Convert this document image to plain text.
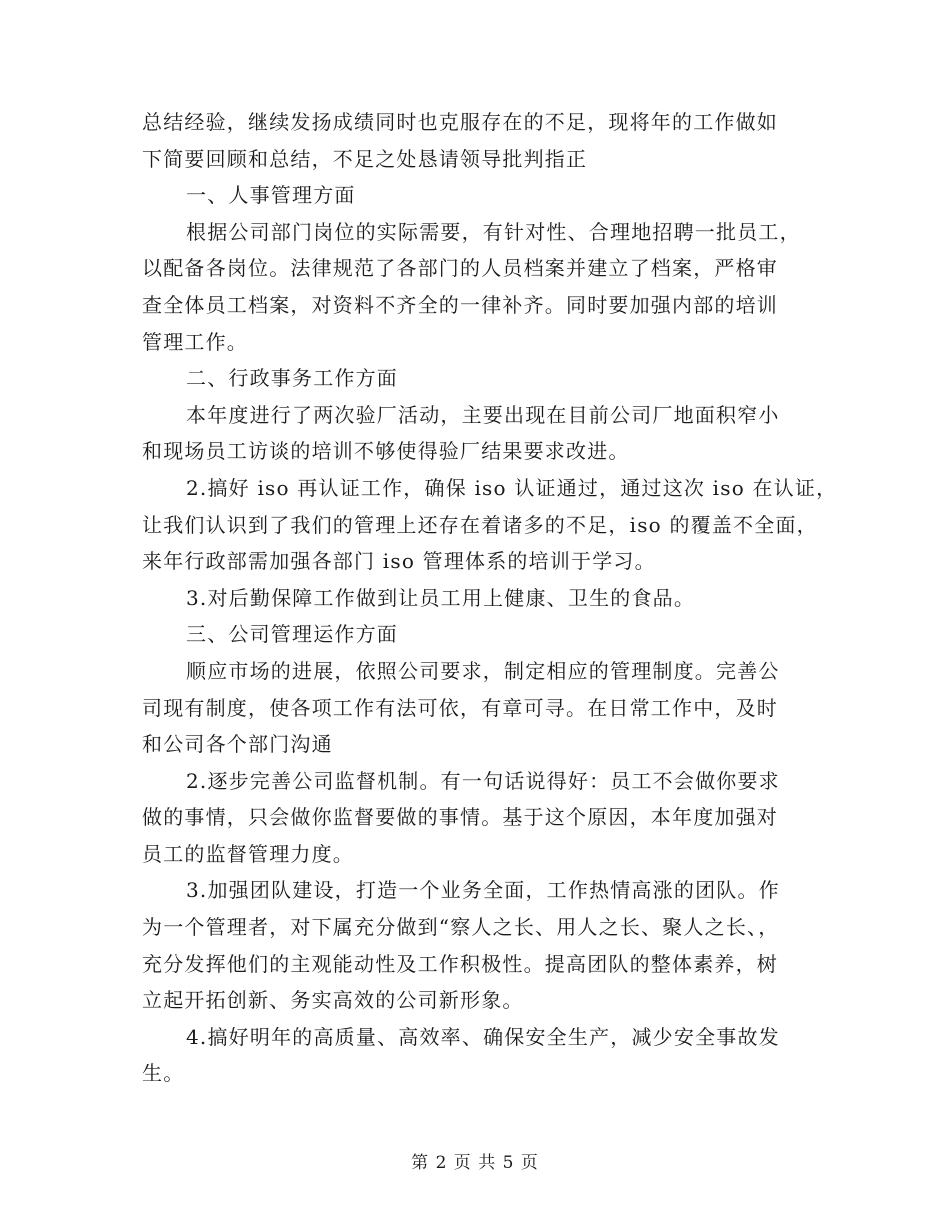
总结经验，继续发扬成绩同时也克服存在的不足，现将年的工作做如
下简要回顾和总结，不足之处恳请领导批判指正
一、人事管理方面
根据公司部门岗位的实际需要，有针对性、合理地招聘一批员工，
以配备各岗位。法律规范了各部门的人员档案并建立了档案，严格审
查全体员工档案，对资料不齐全的一律补齐。同时要加强内部的培训
管理工作。
二、行政事务工作方面
本年度进行了两次验厂活动，主要出现在目前公司厂地面积窄小
和现场员工访谈的培训不够使得验厂结果要求改进。
2.搞好 iso 再认证工作，确保 iso 认证通过，通过这次 iso 在认证，
让我们认识到了我们的管理上还存在着诸多的不足，iso 的覆盖不全面，
来年行政部需加强各部门 iso 管理体系的培训于学习。
3.对后勤保障工作做到让员工用上健康、卫生的食品。
三、公司管理运作方面
顺应市场的进展，依照公司要求，制定相应的管理制度。完善公
司现有制度，使各项工作有法可依，有章可寻。在日常工作中，及时
和公司各个部门沟通
2.逐步完善公司监督机制。有一句话说得好：员工不会做你要求
做的事情，只会做你监督要做的事情。基于这个原因，本年度加强对
员工的监督管理力度。
3.加强团队建设，打造一个业务全面，工作热情高涨的团队。作
为一个管理者，对下属充分做到“察人之长、用人之长、聚人之长、，
充分发挥他们的主观能动性及工作积极性。提高团队的整体素养，树
立起开拓创新、务实高效的公司新形象。
4.搞好明年的高质量、高效率、确保安全生产，减少安全事故发
生。
第 2 页 共 5 页
